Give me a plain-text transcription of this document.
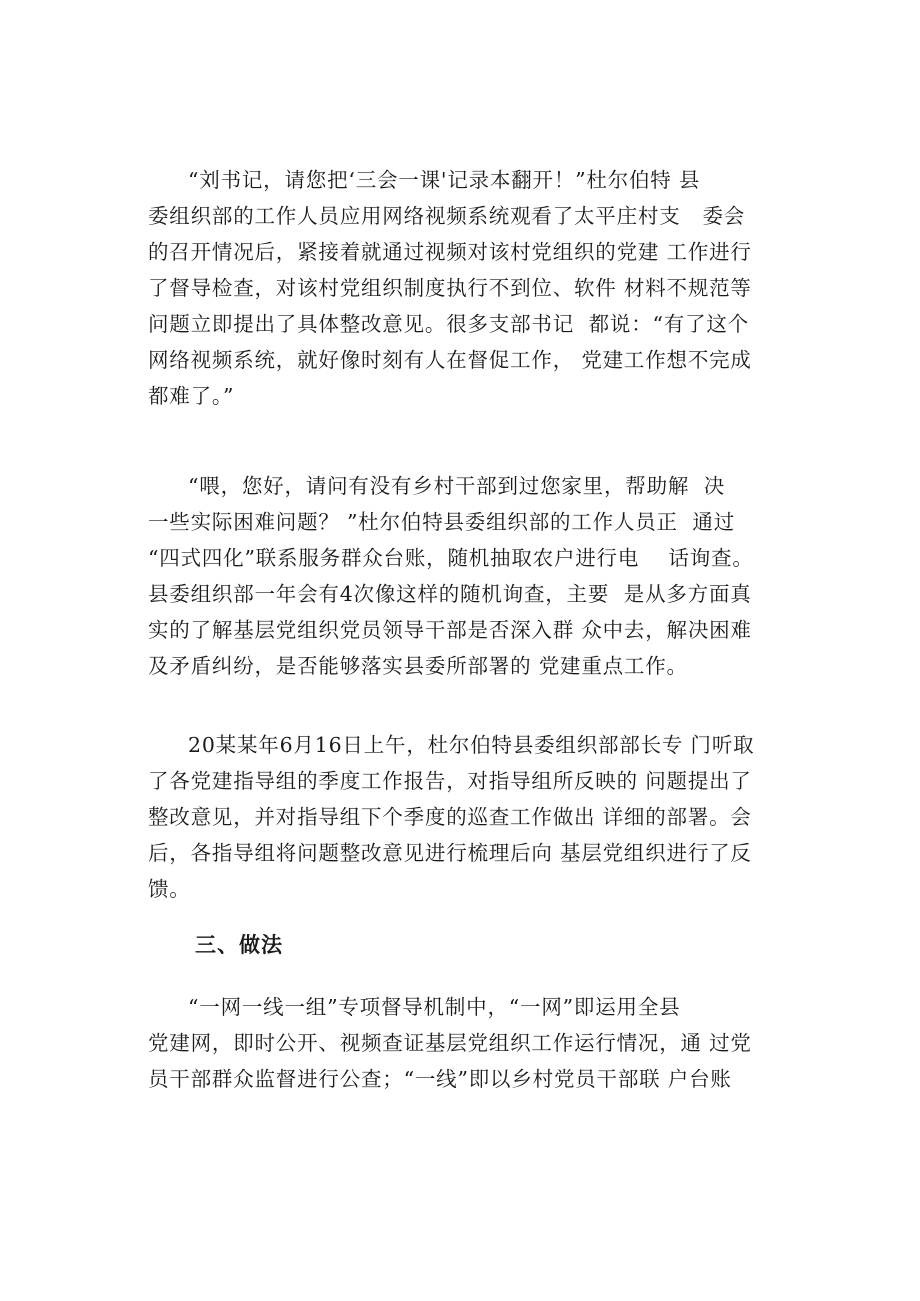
“刘书记，请您把‘三会一课'记录本翻开！”杜尔伯特 县
委组织部的工作人员应用网络视频系统观看了太平庄村支   委会
的召开情况后，紧接着就通过视频对该村党组织的党建 工作进行
了督导检查，对该村党组织制度执行不到位、软件 材料不规范等
问题立即提出了具体整改意见。很多支部书记  都说：“有了这个
网络视频系统，就好像时刻有人在督促工作， 党建工作想不完成
都难了。”
“喂，您好，请问有没有乡村干部到过您家里，帮助解  决
一些实际困难问题？ ”杜尔伯特县委组织部的工作人员正  通过
“四式四化”联系服务群众台账，随机抽取农户进行电    话询查。
县委组织部一年会有4次像这样的随机询查，主要  是从多方面真
实的了解基层党组织党员领导干部是否深入群 众中去，解决困难
及矛盾纠纷，是否能够落实县委所部署的 党建重点工作。
20某某年6月16日上午，杜尔伯特县委组织部部长专 门听取
了各党建指导组的季度工作报告，对指导组所反映的 问题提出了
整改意见，并对指导组下个季度的巡查工作做出 详细的部署。会
后，各指导组将问题整改意见进行梳理后向 基层党组织进行了反
馈。
三、做法
“一网一线一组”专项督导机制中，“一网”即运用全县
党建网，即时公开、视频查证基层党组织工作运行情况，通 过党
员干部群众监督进行公查；“一线”即以乡村党员干部联 户台账
